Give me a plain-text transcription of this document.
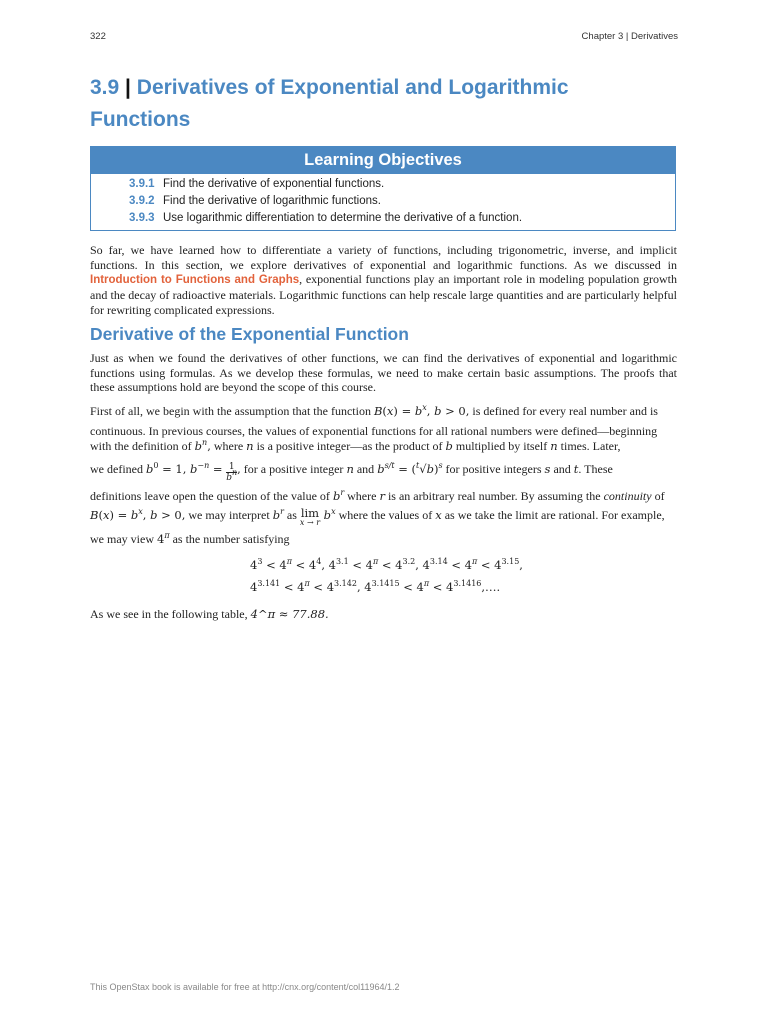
322	Chapter 3 | Derivatives
3.9 | Derivatives of Exponential and Logarithmic Functions
Learning Objectives
3.9.1 Find the derivative of exponential functions.
3.9.2 Find the derivative of logarithmic functions.
3.9.3 Use logarithmic differentiation to determine the derivative of a function.
So far, we have learned how to differentiate a variety of functions, including trigonometric, inverse, and implicit functions. In this section, we explore derivatives of exponential and logarithmic functions. As we discussed in Introduction to Functions and Graphs, exponential functions play an important role in modeling population growth and the decay of radioactive materials. Logarithmic functions can help rescale large quantities and are particularly helpful for rewriting complicated expressions.
Derivative of the Exponential Function
Just as when we found the derivatives of other functions, we can find the derivatives of exponential and logarithmic functions using formulas. As we develop these formulas, we need to make certain basic assumptions. The proofs that these assumptions hold are beyond the scope of this course.
First of all, we begin with the assumption that the function $B(x) = b^x$, b > 0, is defined for every real number and is
continuous. In previous courses, the values of exponential functions for all rational numbers were defined—beginning
with the definition of $b^n$, where n is a positive integer—as the product of b multiplied by itself n times. Later,
we defined $b^0 = 1$, $b^{-n} = \frac{1}{b^n}$, for a positive integer n and $b^{s/t} = (^t√b)^s$ for positive integers s and t. These
definitions leave open the question of the value of $b^r$ where r is an arbitrary real number. By assuming the continuity of
$B(x) = b^x$, b > 0, we may interpret $b^r$ as lim
x → r
$b^x$ where the values of x as we take the limit are rational. For example,
we may view $4^\pi$ as the number satisfying
$4^3 < 4^\pi < 4^4$, $4^{3.1} < 4^\pi < 4^{3.2}$, $4^{3.14} < 4^\pi < 4^{3.15}$,
$4^{3.141} < 4^\pi < 4^{3.142}$, $4^{3.1415} < 4^\pi$ < $4^{3.1416},\dots$.
As we see in the following table, 4^π ≈ 77.88.
This OpenStax book is available for free at http://cnx.org/content/col11964/1.2
